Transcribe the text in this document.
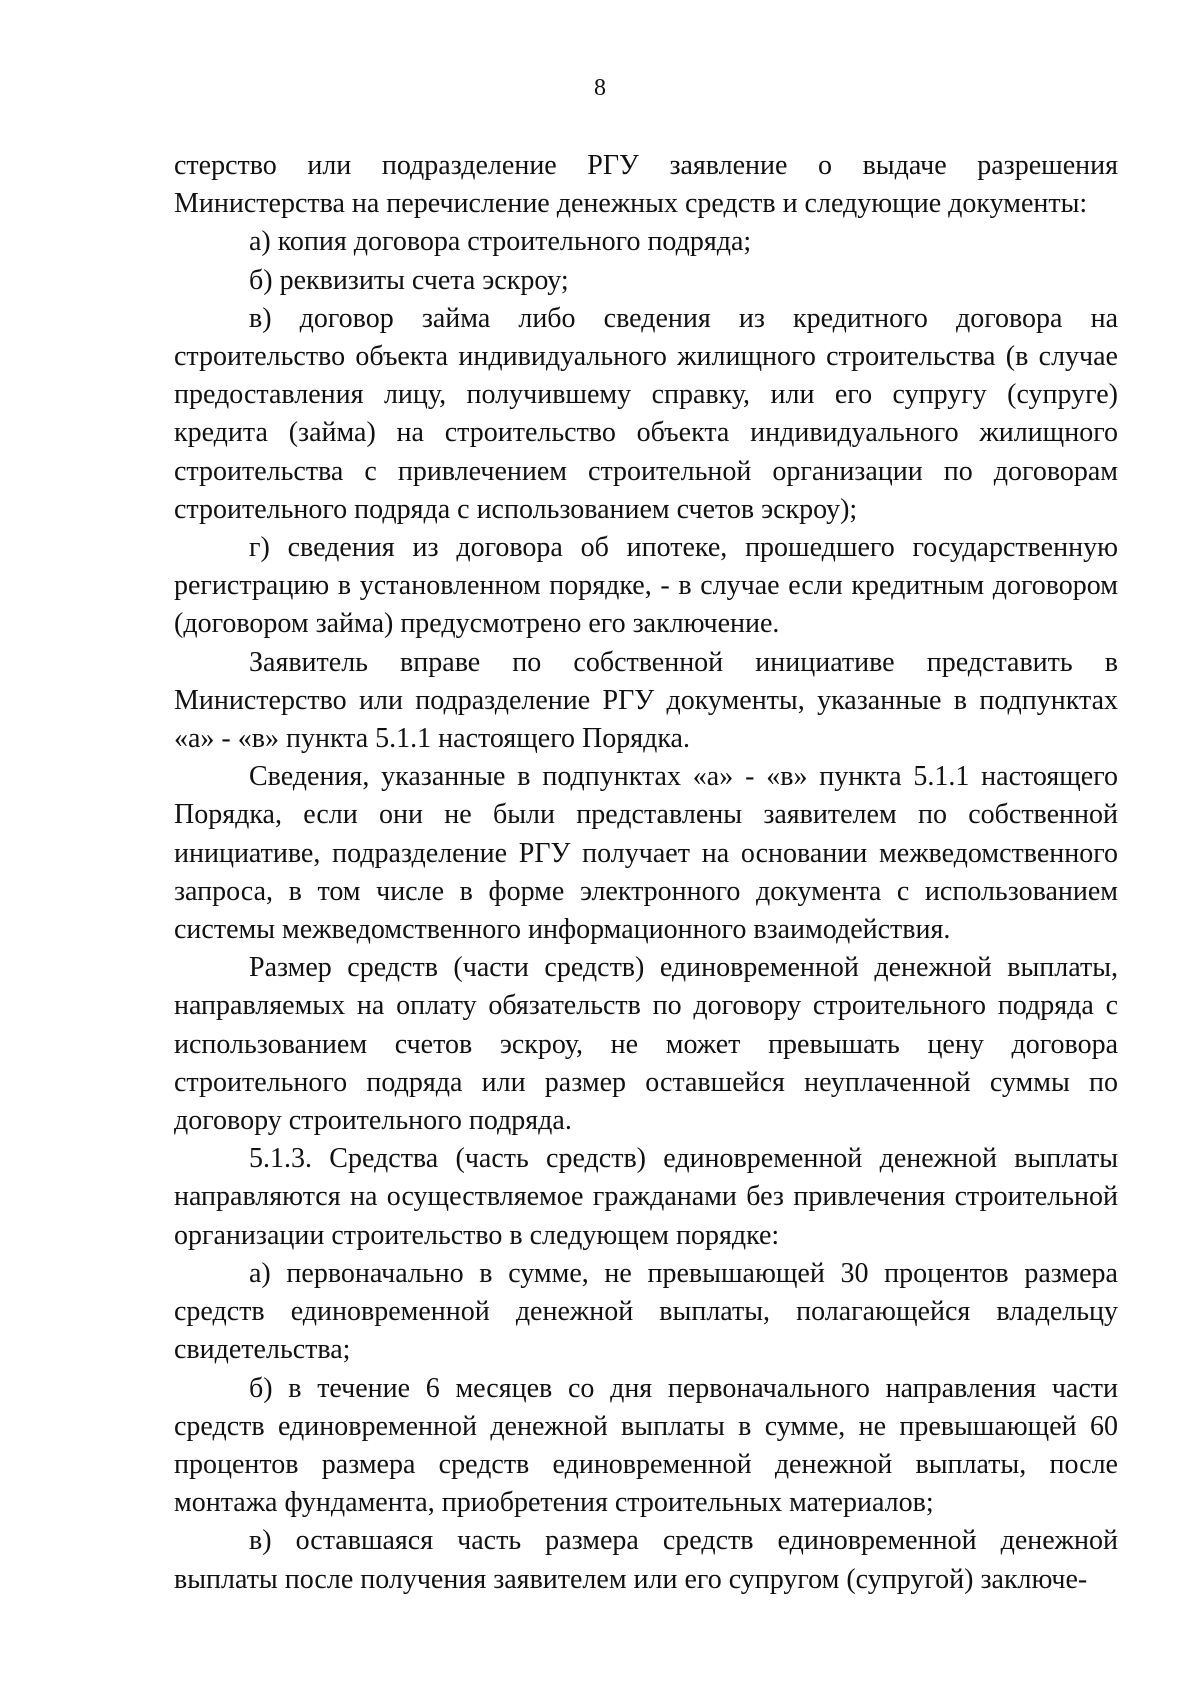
8

стерство или подразделение РГУ заявление о выдаче разрешения Министерства на перечисление денежных средств и следующие документы:

а) копия договора строительного подряда;

б) реквизиты счета эскроу;

в) договор займа либо сведения из кредитного договора на строительство объекта индивидуального жилищного строительства (в случае предоставления лицу, получившему справку, или его супругу (супруге) кредита (займа) на строительство объекта индивидуального жилищного строительства с привлечением строительной организации по договорам строительного подряда с использованием счетов эскроу);

г) сведения из договора об ипотеке, прошедшего государственную регистрацию в установленном порядке, - в случае если кредитным договором (договором займа) предусмотрено его заключение.

Заявитель вправе по собственной инициативе представить в Министерство или подразделение РГУ документы, указанные в подпунктах «а» - «в» пункта 5.1.1 настоящего Порядка.

Сведения, указанные в подпунктах «а» - «в» пункта 5.1.1 настоящего Порядка, если они не были представлены заявителем по собственной инициативе, подразделение РГУ получает на основании межведомственного запроса, в том числе в форме электронного документа с использованием системы межведомственного информационного взаимодействия.

Размер средств (части средств) единовременной денежной выплаты, направляемых на оплату обязательств по договору строительного подряда с использованием счетов эскроу, не может превышать цену договора строительного подряда или размер оставшейся неуплаченной суммы по договору строительного подряда.

5.1.3. Средства (часть средств) единовременной денежной выплаты направляются на осуществляемое гражданами без привлечения строительной организации строительство в следующем порядке:

а) первоначально в сумме, не превышающей 30 процентов размера средств единовременной денежной выплаты, полагающейся владельцу свидетельства;

б) в течение 6 месяцев со дня первоначального направления части средств единовременной денежной выплаты в сумме, не превышающей 60 процентов размера средств единовременной денежной выплаты, после монтажа фундамента, приобретения строительных материалов;

в) оставшаяся часть размера средств единовременной денежной выплаты после получения заявителем или его супругом (супругой) заключе-
